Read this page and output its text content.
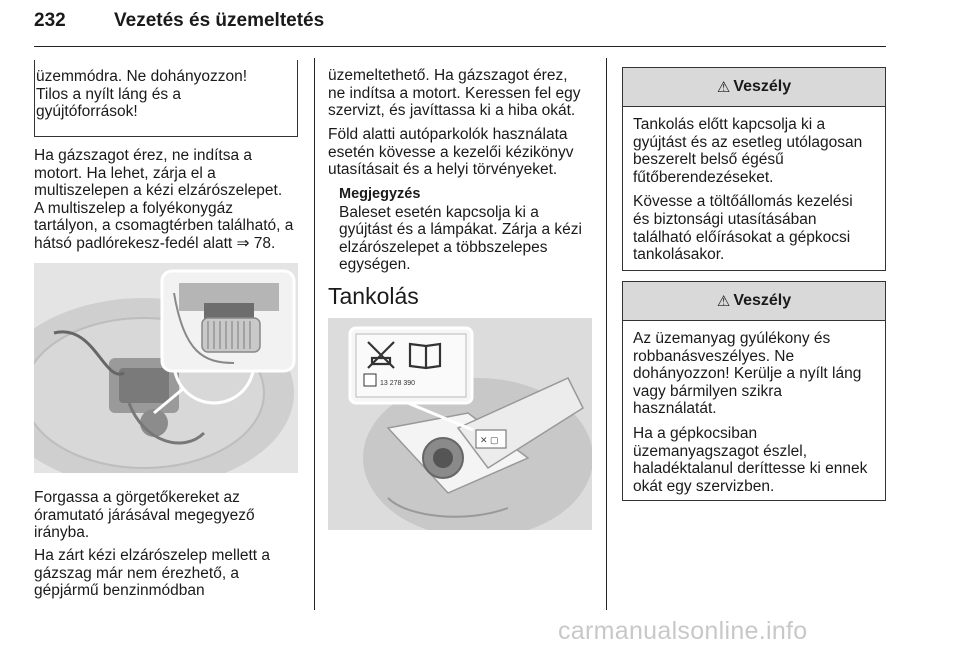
232	Vezetés és üzemeltetés
üzemmódra. Ne dohányozzon!
Tilos a nyílt láng és a
gyújtóforrások!
Ha gázszagot érez, ne indítsa a
motort. Ha lehet, zárja el a
multiszelepen a kézi elzárószelepet.
A multiszelep a folyékonygáz
tartályon, a csomagtérben található, a
hátsó padlórekesz-fedél alatt ⇒ 78.
Forgassa a görgetőkereket az
óramutató járásával megegyező
irányba.
Ha zárt kézi elzárószelep mellett a
gázszag már nem érezhető, a
gépjármű benzinmódban
üzemeltethető. Ha gázszagot érez,
ne indítsa a motort. Keressen fel egy
szervizt, és javíttassa ki a hiba okát.
Föld alatti autóparkolók használata
esetén kövesse a kezelői kézikönyv
utasításait és a helyi törvényeket.
Megjegyzés
Baleset esetén kapcsolja ki a
gyújtást és a lámpákat. Zárja a kézi
elzárószelepet a többszelepes
egységen.
Tankolás
✕ ▢
13 278 390
⚠ Veszély
Tankolás előtt kapcsolja ki a
gyújtást és az esetleg utólagosan
beszerelt belső égésű
fűtőberendezéseket.
Kövesse a töltőállomás kezelési
és biztonsági utasításában
található előírásokat a gépkocsi
tankolásakor.
⚠ Veszély
Az üzemanyag gyúlékony és
robbanásveszélyes. Ne
dohányozzon! Kerülje a nyílt láng
vagy bármilyen szikra
használatát.
Ha a gépkocsiban
üzemanyagszagot észlel,
haladéktalanul deríttesse ki ennek
okát egy szervizben.
carmanualsonline.info
